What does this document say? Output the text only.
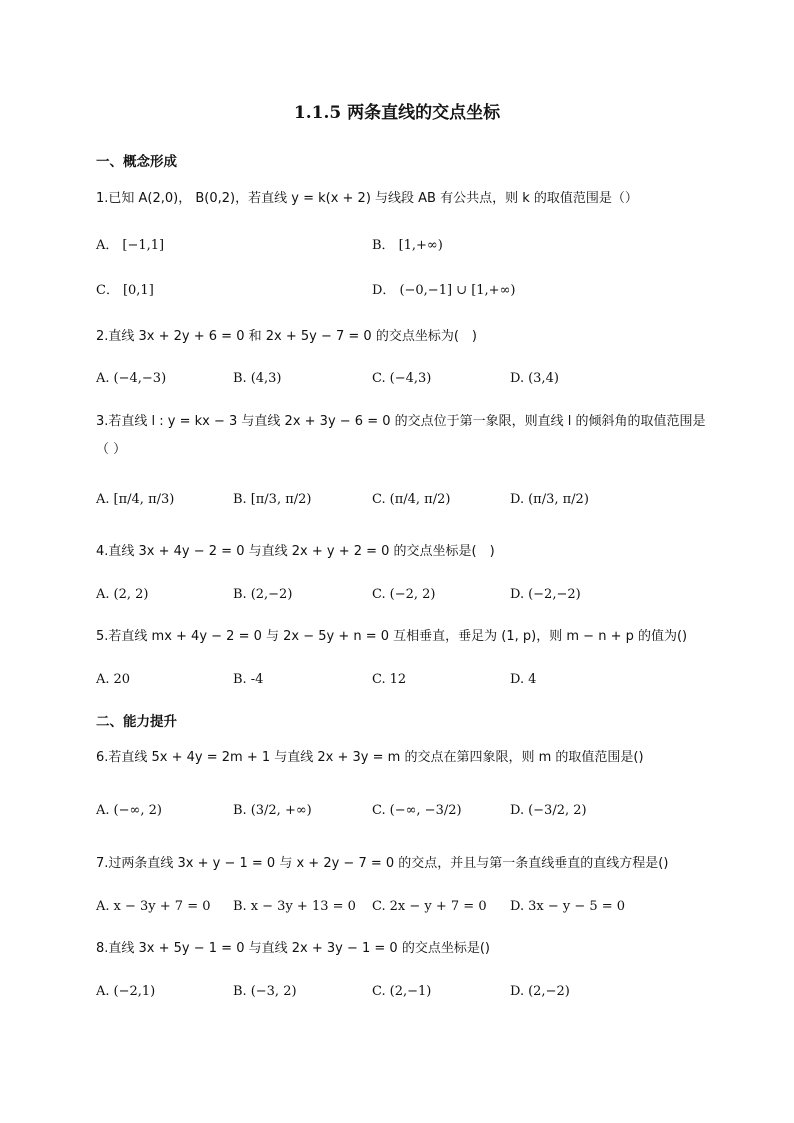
1.1.5 两条直线的交点坐标
一、概念形成
1.已知 A(2,0)， B(0,2)，若直线 y = k(x + 2) 与线段 AB 有公共点，则 k 的取值范围是（）
A． [−1,1]	B． [1,+∞)
C． [0,1]	D． (−0,−1] ∪ [1,+∞)
2.直线 3x + 2y + 6 = 0 和 2x + 5y − 7 = 0 的交点坐标为(　)
A. (−4,−3)	B. (4,3)	C. (−4,3)	D. (3,4)
3.若直线 l : y = kx − 3 与直线 2x + 3y − 6 = 0 的交点位于第一象限，则直线 l 的倾斜角的取值范围是（ ）
A. [π/4, π/3)	B. [π/3, π/2)	C. (π/4, π/2)	D. (π/3, π/2)
4.直线 3x + 4y − 2 = 0 与直线 2x + y + 2 = 0 的交点坐标是(　)
A. (2, 2)	B. (2,−2)	C. (−2, 2)	D. (−2,−2)
5.若直线 mx + 4y − 2 = 0 与 2x − 5y + n = 0 互相垂直，垂足为 (1, p)，则 m − n + p 的值为()
A. 20	B. -4	C. 12	D. 4
二、能力提升
6.若直线 5x + 4y = 2m + 1 与直线 2x + 3y = m 的交点在第四象限，则 m 的取值范围是()
A. (−∞, 2)	B. (3/2, +∞)	C. (−∞, −3/2)	D. (−3/2, 2)
7.过两条直线 3x + y − 1 = 0 与 x + 2y − 7 = 0 的交点，并且与第一条直线垂直的直线方程是()
A. x − 3y + 7 = 0 B. x − 3y + 13 = 0 C. 2x − y + 7 = 0 D. 3x − y − 5 = 0
8.直线 3x + 5y − 1 = 0 与直线 2x + 3y − 1 = 0 的交点坐标是()
A. (−2,1)	B. (−3, 2)	C. (2,−1)	D. (2,−2)
